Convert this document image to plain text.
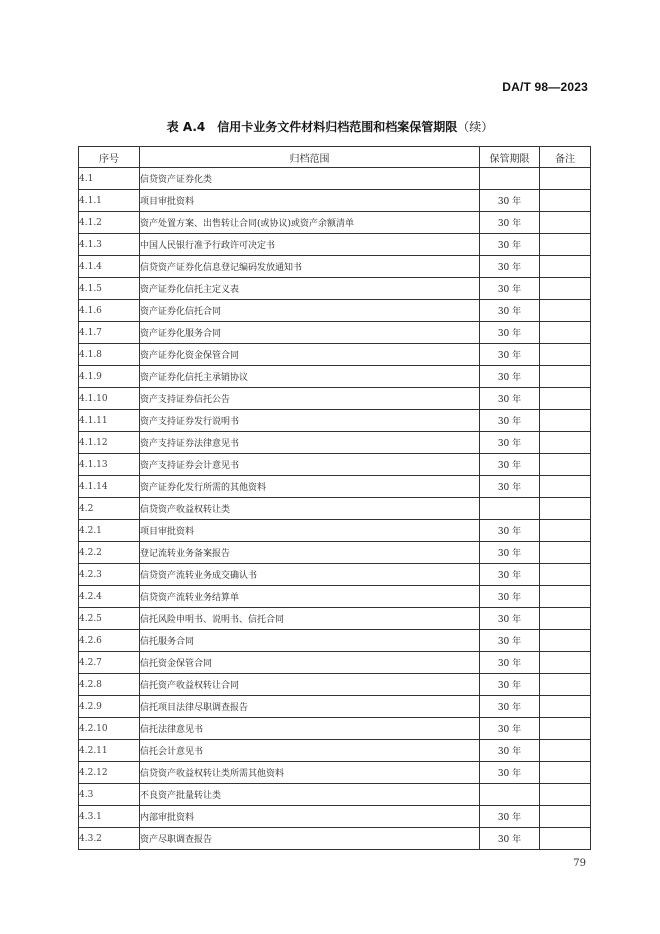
DA/T 98—2023
表 A.4 信用卡业务文件材料归档范围和档案保管期限（续）
序号	归档范围	保管期限	备注
4.1	信贷资产证券化类		
4.1.1	项目审批资料	30 年	
4.1.2	资产处置方案、出售转让合同(或协议)或资产余额清单	30 年	
4.1.3	中国人民银行准予行政许可决定书	30 年	
4.1.4	信贷资产证券化信息登记编码发放通知书	30 年	
4.1.5	资产证券化信托主定义表	30 年	
4.1.6	资产证券化信托合同	30 年	
4.1.7	资产证券化服务合同	30 年	
4.1.8	资产证券化资金保管合同	30 年	
4.1.9	资产证券化信托主承销协议	30 年	
4.1.10	资产支持证券信托公告	30 年	
4.1.11	资产支持证券发行说明书	30 年	
4.1.12	资产支持证券法律意见书	30 年	
4.1.13	资产支持证券会计意见书	30 年	
4.1.14	资产证券化发行所需的其他资料	30 年	
4.2	信贷资产收益权转让类		
4.2.1	项目审批资料	30 年	
4.2.2	登记流转业务备案报告	30 年	
4.2.3	信贷资产流转业务成交确认书	30 年	
4.2.4	信贷资产流转业务结算单	30 年	
4.2.5	信托风险申明书、说明书、信托合同	30 年	
4.2.6	信托服务合同	30 年	
4.2.7	信托资金保管合同	30 年	
4.2.8	信托资产收益权转让合同	30 年	
4.2.9	信托项目法律尽职调查报告	30 年	
4.2.10	信托法律意见书	30 年	
4.2.11	信托会计意见书	30 年	
4.2.12	信贷资产收益权转让类所需其他资料	30 年	
4.3	不良资产批量转让类		
4.3.1	内部审批资料	30 年	
4.3.2	资产尽职调查报告	30 年	
79
